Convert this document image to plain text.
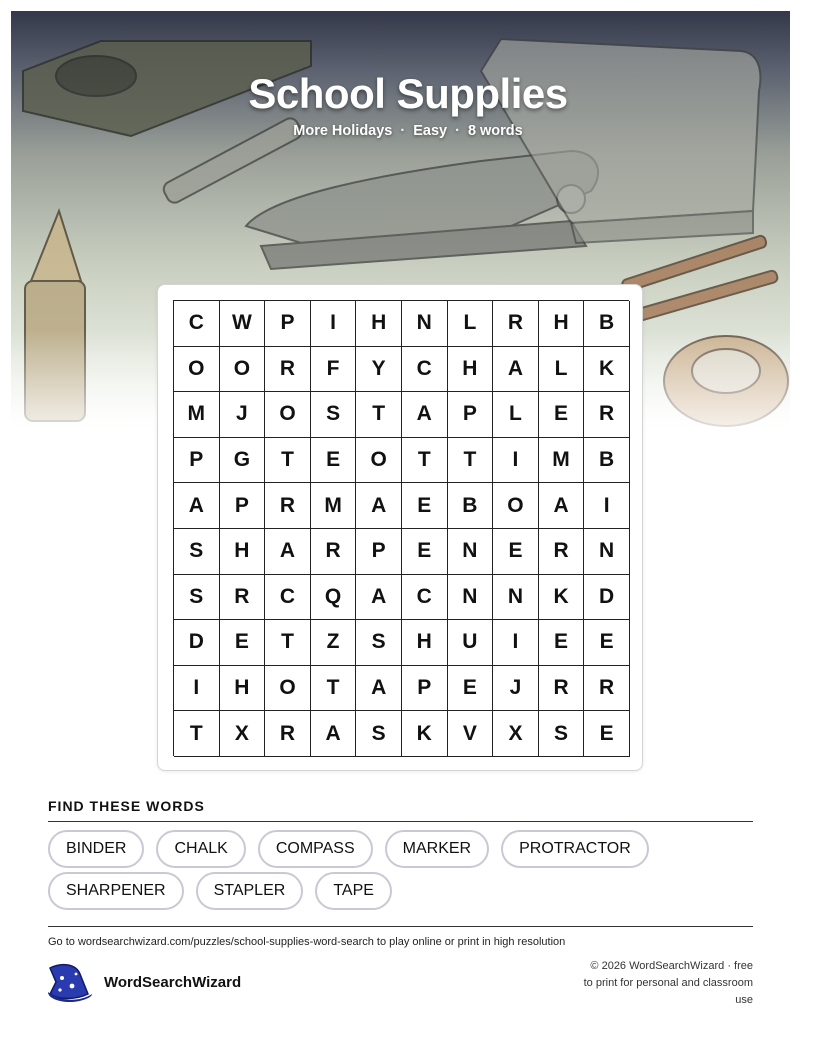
School Supplies
More Holidays · Easy · 8 words
C	W	P	I	H	N	L	R	H	B
O	O	R	F	Y	C	H	A	L	K
M	J	O	S	T	A	P	L	E	R
P	G	T	E	O	T	T	I	M	B
A	P	R	M	A	E	B	O	A	I
S	H	A	R	P	E	N	E	R	N
S	R	C	Q	A	C	N	N	K	D
D	E	T	Z	S	H	U	I	E	E
I	H	O	T	A	P	E	J	R	R
T	X	R	A	S	K	V	X	S	E
FIND THESE WORDS
BINDER	CHALK	COMPASS	MARKER	PROTRACTOR
SHARPENER	STAPLER	TAPE
Go to wordsearchwizard.com/puzzles/school-supplies-word-search to play online or print in high resolution
WordSearchWizard
© 2026 WordSearchWizard · free to print for personal and classroom use
